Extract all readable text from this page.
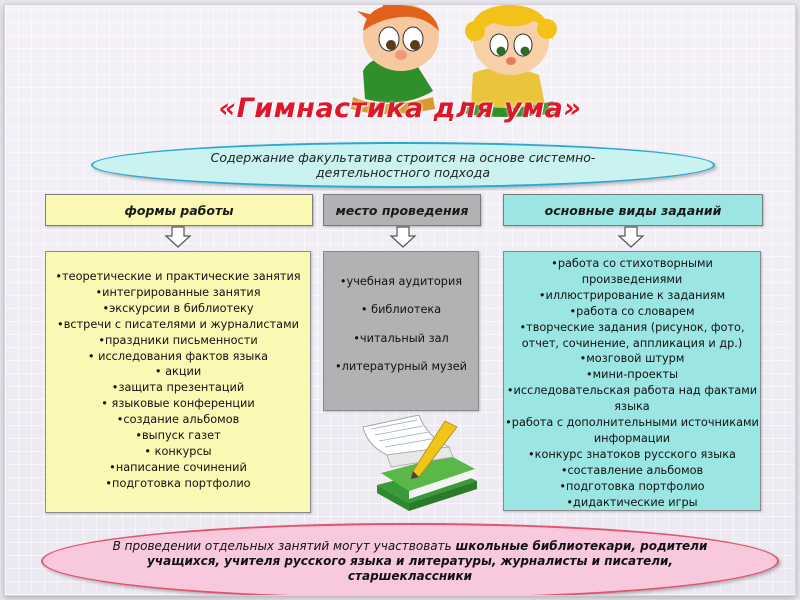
«Гимнастика для ума»
Содержание факультатива строится на основе системно-деятельностного подхода
формы работы	место проведения	основные виды заданий
•теоретические и практические занятия
•интегрированные занятия
•экскурсии в библиотеку
•встречи с писателями и журналистами
•праздники письменности
• исследования фактов языка
• акции
•защита презентаций
• языковые конференции
•создание альбомов
•выпуск газет
• конкурсы
•написание сочинений
•подготовка портфолио
•учебная аудитория
• библиотека
•читальный зал
•литературный музей
•работа со стихотворными произведениями
•иллюстрирование к заданиям
•работа со словарем
•творческие задания (рисунок, фото, отчет, сочинение, аппликация и др.)
•мозговой штурм
•мини-проекты
•исследовательская работа над фактами языка
•работа с дополнительными источниками информации
•конкурс знатоков русского языка
•составление альбомов
•подготовка портфолио
•дидактические игры
В проведении отдельных занятий могут участвовать школьные библиотекари, родители учащихся, учителя русского языка и литературы, журналисты и писатели, старшеклассники
